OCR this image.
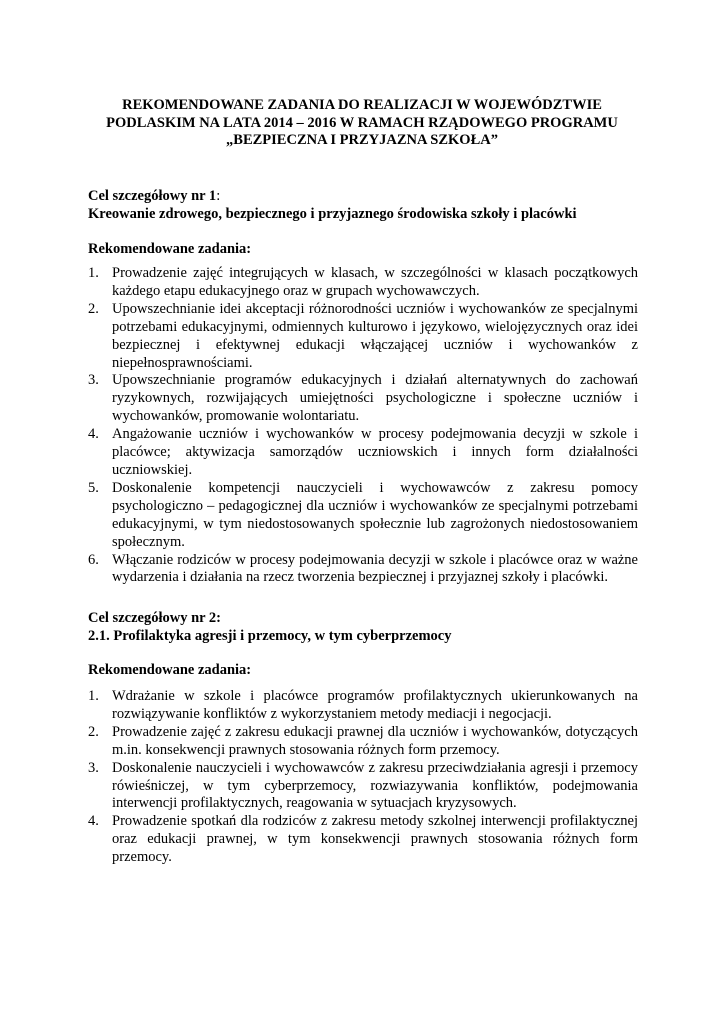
REKOMENDOWANE ZADANIA DO REALIZACJI W WOJEWÓDZTWIE
PODLASKIM NA LATA 2014 – 2016 W RAMACH RZĄDOWEGO PROGRAMU
„BEZPIECZNA I PRZYJAZNA SZKOŁA”
Cel szczegółowy nr 1:
Kreowanie zdrowego, bezpiecznego i przyjaznego środowiska szkoły i placówki
Rekomendowane zadania:
1. Prowadzenie zajęć integrujących w klasach, w szczególności w klasach początkowych każdego etapu edukacyjnego oraz w grupach wychowawczych.
2. Upowszechnianie idei akceptacji różnorodności uczniów i wychowanków ze specjalnymi potrzebami edukacyjnymi, odmiennych kulturowo i językowo, wielojęzycznych oraz idei bezpiecznej i efektywnej edukacji włączającej uczniów i wychowanków z niepełnosprawnościami.
3. Upowszechnianie programów edukacyjnych i działań alternatywnych do zachowań ryzykownych, rozwijających umiejętności psychologiczne i społeczne uczniów i wychowanków, promowanie wolontariatu.
4. Angażowanie uczniów i wychowanków w procesy podejmowania decyzji w szkole i placówce; aktywizacja samorządów uczniowskich i innych form działalności uczniowskiej.
5. Doskonalenie kompetencji nauczycieli i wychowawców z zakresu pomocy psychologiczno – pedagogicznej dla uczniów i wychowanków ze specjalnymi potrzebami edukacyjnymi, w tym niedostosowanych społecznie lub zagrożonych niedostosowaniem społecznym.
6. Włączanie rodziców w procesy podejmowania decyzji w szkole i placówce oraz w ważne wydarzenia i działania na rzecz tworzenia bezpiecznej i przyjaznej szkoły i placówki.
Cel szczegółowy nr 2:
2.1. Profilaktyka agresji i przemocy, w tym cyberprzemocy
Rekomendowane zadania:
1. Wdrażanie w szkole i placówce programów profilaktycznych ukierunkowanych na rozwiązywanie konfliktów z wykorzystaniem metody mediacji i negocjacji.
2. Prowadzenie zajęć z zakresu edukacji prawnej dla uczniów i wychowanków, dotyczących m.in. konsekwencji prawnych stosowania różnych form przemocy.
3. Doskonalenie nauczycieli i wychowawców z zakresu przeciwdziałania agresji i przemocy rówieśniczej, w tym cyberprzemocy, rozwiazywania konfliktów, podejmowania interwencji profilaktycznych, reagowania w sytuacjach kryzysowych.
4. Prowadzenie spotkań dla rodziców z zakresu metody szkolnej interwencji profilaktycznej oraz edukacji prawnej, w tym konsekwencji prawnych stosowania różnych form przemocy.
